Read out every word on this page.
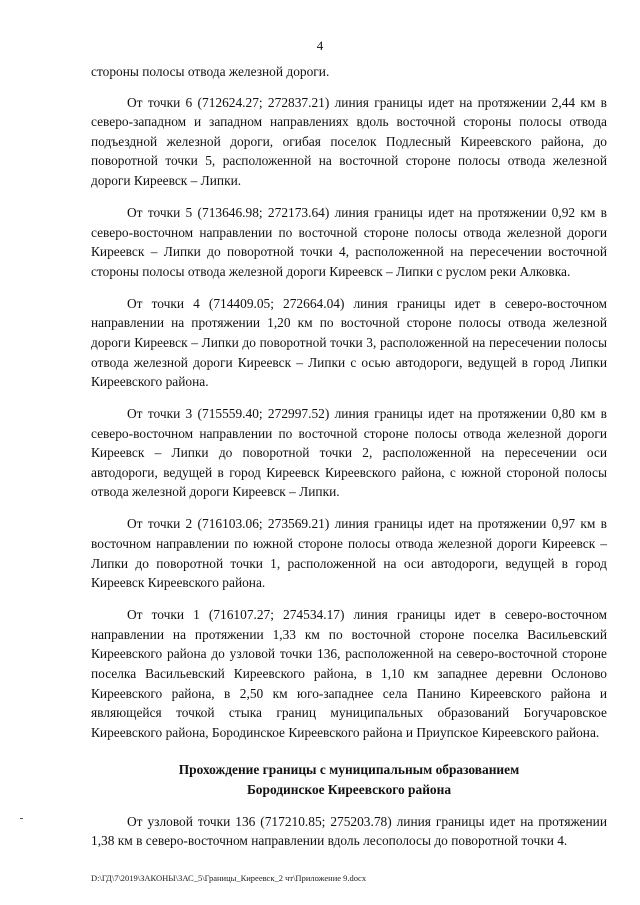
4

стороны полосы отвода железной дороги.

От точки 6 (712624.27; 272837.21) линия границы идет на протяжении 2,44 км в северо-западном и западном направлениях вдоль восточной стороны полосы отвода подъездной железной дороги, огибая поселок Подлесный Киреевского района, до поворотной точки 5, расположенной на восточной стороне полосы отвода железной дороги Киреевск – Липки.

От точки 5 (713646.98; 272173.64) линия границы идет на протяжении 0,92 км в северо-восточном направлении по восточной стороне полосы отвода железной дороги Киреевск – Липки до поворотной точки 4, расположенной на пересечении восточной стороны полосы отвода железной дороги Киреевск – Липки с руслом реки Алковка.

От точки 4 (714409.05; 272664.04) линия границы идет в северо-восточном направлении на протяжении 1,20 км по восточной стороне полосы отвода железной дороги Киреевск – Липки до поворотной точки 3, расположенной на пересечении полосы отвода железной дороги Киреевск – Липки с осью автодороги, ведущей в город Липки Киреевского района.

От точки 3 (715559.40; 272997.52) линия границы идет на протяжении 0,80 км в северо-восточном направлении по восточной стороне полосы отвода железной дороги Киреевск – Липки до поворотной точки 2, расположенной на пересечении оси автодороги, ведущей в город Киреевск Киреевского района, с южной стороной полосы отвода железной дороги Киреевск – Липки.

От точки 2 (716103.06; 273569.21) линия границы идет на протяжении 0,97 км в восточном направлении по южной стороне полосы отвода железной дороги Киреевск – Липки до поворотной точки 1, расположенной на оси автодороги, ведущей в город Киреевск Киреевского района.

От точки 1 (716107.27; 274534.17) линия границы идет в северо-восточном направлении на протяжении 1,33 км по восточной стороне поселка Васильевский Киреевского района до узловой точки 136, расположенной на северо-восточной стороне поселка Васильевский Киреевского района, в 1,10 км западнее деревни Ослоново Киреевского района, в 2,50 км юго-западнее села Панино Киреевского района и являющейся точкой стыка границ муниципальных образований Богучаровское Киреевского района, Бородинское Киреевского района и Приупское Киреевского района.

Прохождение границы с муниципальным образованием
Бородинское Киреевского района

От узловой точки 136 (717210.85; 275203.78) линия границы идет на протяжении 1,38 км в северо-восточном направлении вдоль лесополосы до поворотной точки 4.

D:\ГД\7\2019\ЗАКОНЫ\ЗАС_5\Границы_Киреевск_2 чт\Приложение 9.docx
